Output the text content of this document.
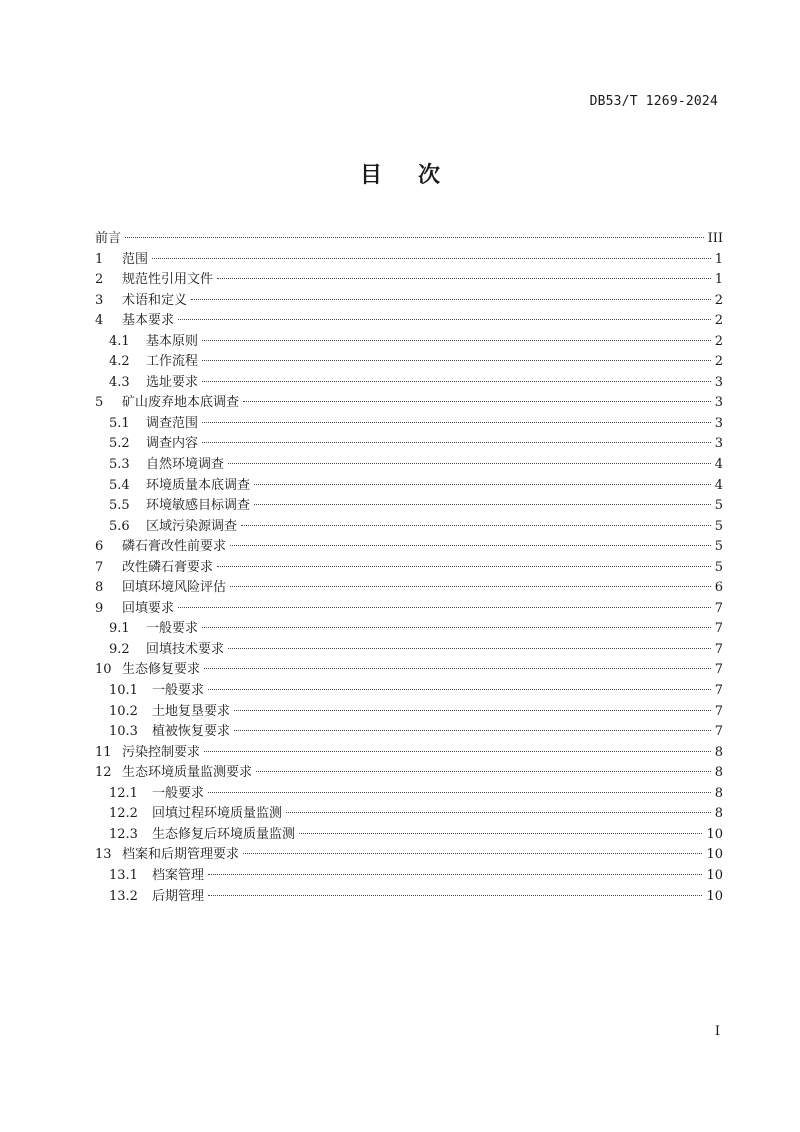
DB53/T 1269-2024
目次
前言	III
1	范围	1
2	规范性引用文件	1
3	术语和定义	2
4	基本要求	2
4.1	基本原则	2
4.2	工作流程	2
4.3	选址要求	3
5	矿山废弃地本底调查	3
5.1	调查范围	3
5.2	调查内容	3
5.3	自然环境调查	4
5.4	环境质量本底调查	4
5.5	环境敏感目标调查	5
5.6	区域污染源调查	5
6	磷石膏改性前要求	5
7	改性磷石膏要求	5
8	回填环境风险评估	6
9	回填要求	7
9.1	一般要求	7
9.2	回填技术要求	7
10 生态修复要求	7
10.1	一般要求	7
10.2	土地复垦要求	7
10.3	植被恢复要求	7
11 污染控制要求	8
12 生态环境质量监测要求	8
12.1	一般要求	8
12.2	回填过程环境质量监测	8
12.3	生态修复后环境质量监测	10
13 档案和后期管理要求	10
13.1	档案管理	10
13.2	后期管理	10
I
